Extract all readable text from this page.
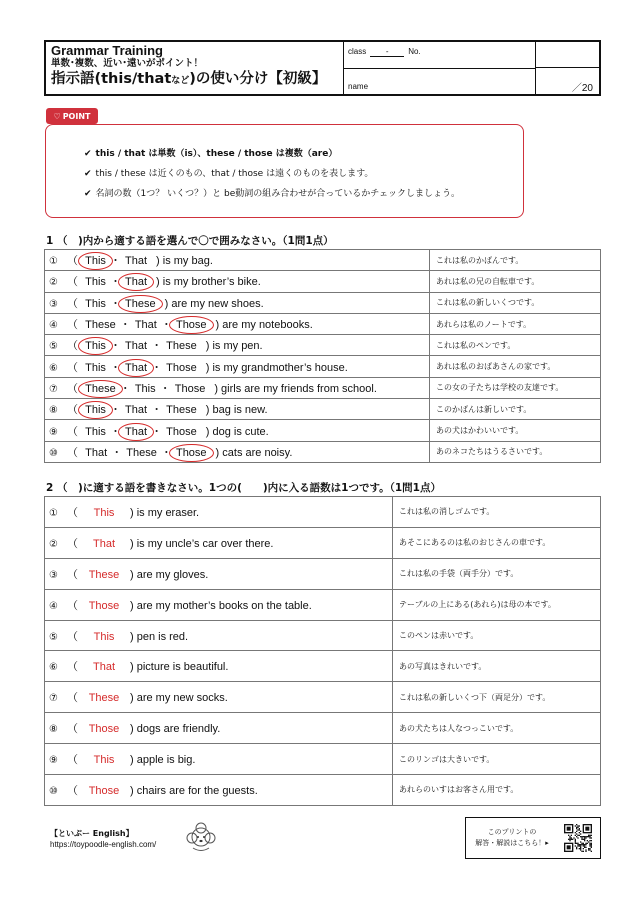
Grammar Training
単数･複数、近い･遠いがポイント！
指示語(this/thatなど)の使い分け【初級】
class - No.
name	／20
♡ POINT
✔ this / that は単数（is）、these / those は複数（are）
✔ this / these は近くのもの、that / those は遠くのものを表します。
✔ 名詞の数（1つ？ いくつ？）と be動詞の組み合わせが合っているかチェックしましょう。
1 （　)内から適する語を選んで〇で囲みなさい。（1問1点）
① （  This ・ That ) is my bag.	これは私のかばんです。
② （  This ・ That ) is my brother’s bike.	あれは私の兄の自転車です。
③ （  This ・ These ) are my new shoes.	これは私の新しいくつです。
④ （  These ・ That ・ Those ) are my notebooks.	あれらは私のノートです。
⑤ （  This ・ That ・ These ) is my pen.	これは私のペンです。
⑥ （  This ・ That ・ Those ) is my grandmother’s house.	あれは私のおばあさんの家です。
⑦ （  These ・ This ・ Those ) girls are my friends from school.	この女の子たちは学校の友達です。
⑧ （  This ・ That ・ These ) bag is new.	このかばんは新しいです。
⑨ （  This ・ That ・ Those ) dog is cute.	あの犬はかわいいです。
⑩ （  That ・ These ・ Those ) cats are noisy.	あのネコたちはうるさいです。
2 （　)に適する語を書きなさい。1つの(　　)内に入る語数は1つです。（1問1点）
① （ This ) is my eraser.	これは私の消しゴムです。
② （ That ) is my uncle’s car over there.	あそこにあるのは私のおじさんの車です。
③ （ These ) are my gloves.	これは私の手袋（両手分）です。
④ （ Those ) are my mother’s books on the table.	テーブルの上にある(あれら)は母の本です。
⑤ （ This ) pen is red.	このペンは赤いです。
⑥ （ That ) picture is beautiful.	あの写真はきれいです。
⑦ （ These ) are my new socks.	これは私の新しいくつ下（両足分）です。
⑧ （ Those ) dogs are friendly.	あの犬たちは人なつっこいです。
⑨ （ This ) apple is big.	このリンゴは大きいです。
⑩ （ Those ) chairs are for the guests.	あれらのいすはお客さん用です。
【といぷー English】
https://toypoodle-english.com/
このプリントの
解答・解説はこちら！▸
